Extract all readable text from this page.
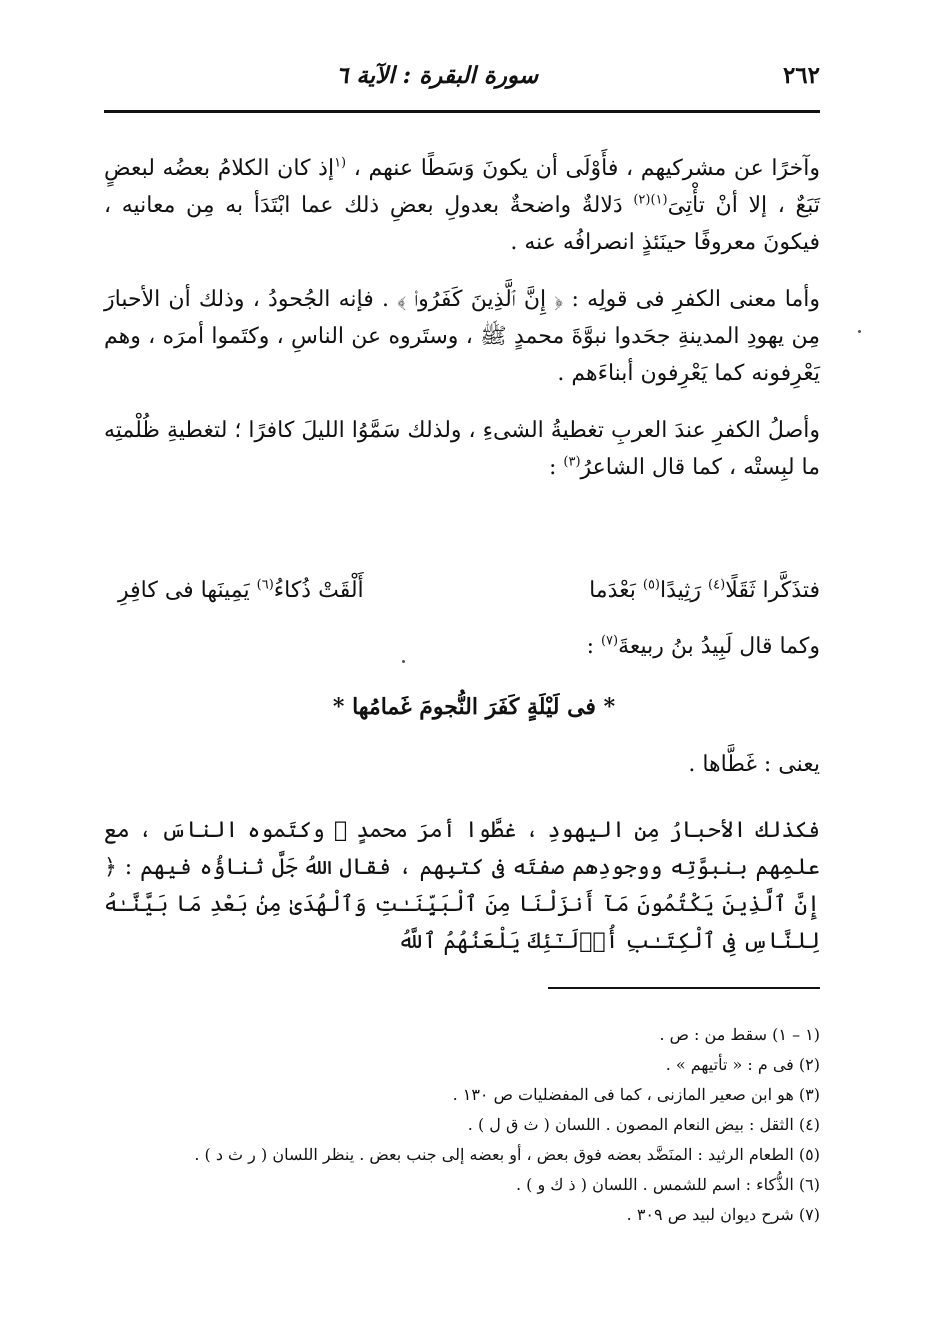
٢٦٢
سورة البقرة : الآية ٦

وآخرًا عن مشركيهم ، فأَوْلَى أن يكونَ وَسَطًا عنهم ، $^{(١}$إذ كان الكلامُ بعضُه لبعضٍ تَبَعٌ ، إلا أنْ تأْتِىَ$^{(١)(٢)}$ دَلالةٌ واضحةٌ بعدولِ بعضِ ذلك عما ابْتَدَأ به مِن معانيه ، فيكونَ معروفًا حينَئذٍ انصرافُه عنه .

وأما معنى الكفرِ فى قولِه : ﴿ إِنَّ ٱلَّذِينَ كَفَرُوا۟ ﴾ . فإنه الجُحودُ ، وذلك أن الأحبارَ مِن يهودِ المدينةِ جحَدوا نبوَّةَ محمدٍ ﷺ ، وستَروه عن الناسِ ، وكتَموا أمرَه ، وهم يَعْرِفونه كما يَعْرِفون أبناءَهم .

وأصلُ الكفرِ عندَ العربِ تغطيةُ الشىءِ ، ولذلك سَمَّوُا الليلَ كافرًا ؛ لتغطيةِ ظُلْمتِه ما لبِستْه ، كما قال الشاعرُ$^{(٣)}$ :

فتذَكَّرا ثَقَلًا$^{(٤)}$ رَثِيدًا$^{(٥)}$ بَعْدَما
أَلْقَتْ ذُكاءُ$^{(٦)}$ يَمِينَها فى كافِرِ
وكما قال لَبِيدُ بنُ ربيعةَ$^{(٧)}$ :
* فى لَيْلَةٍ كَفَرَ النُّجومَ غَمامُها *
يعنى : غَطَّاها .

فكذلك الأحبارُ مِن اليهودِ ، غطَّوا أمرَ محمدٍ ﷺ وكتَموه الناسَ ، مع علمِهم بنبوَّتِه ووجودِهم صفتَه فى كتبِهم ، فقال اللهُ جَلَّ ثناؤُه فيهم : ﴿ إِنَّ ٱلَّذِينَ يَكْتُمُونَ مَآ أَنزَلْنَا مِنَ ٱلْبَيِّنَـٰتِ وَٱلْهُدَىٰ مِنۢ بَعْدِ مَا بَيَّنَّـٰهُ لِلنَّاسِ فِى ٱلْكِتَـٰبِ أُو۟لَـٰٓئِكَ يَلْعَنُهُمُ ٱللَّهُ

(١ – ١) سقط من : ص .
(٢) فى م : « تأتيهم » .
(٣) هو ابن صعير المازنى ، كما فى المفضليات ص ١٣٠ .
(٤) الثقل : بيض النعام المصون . اللسان ( ث ق ل ) .
(٥) الطعام الرثيد : المنَضَّد بعضه فوق بعض ، أو بعضه إلى جنب بعض . ينظر اللسان ( ر ث د ) .
(٦) الذُّكاء : اسم للشمس . اللسان ( ذ ك و ) .
(٧) شرح ديوان لبيد ص ٣٠٩ .
